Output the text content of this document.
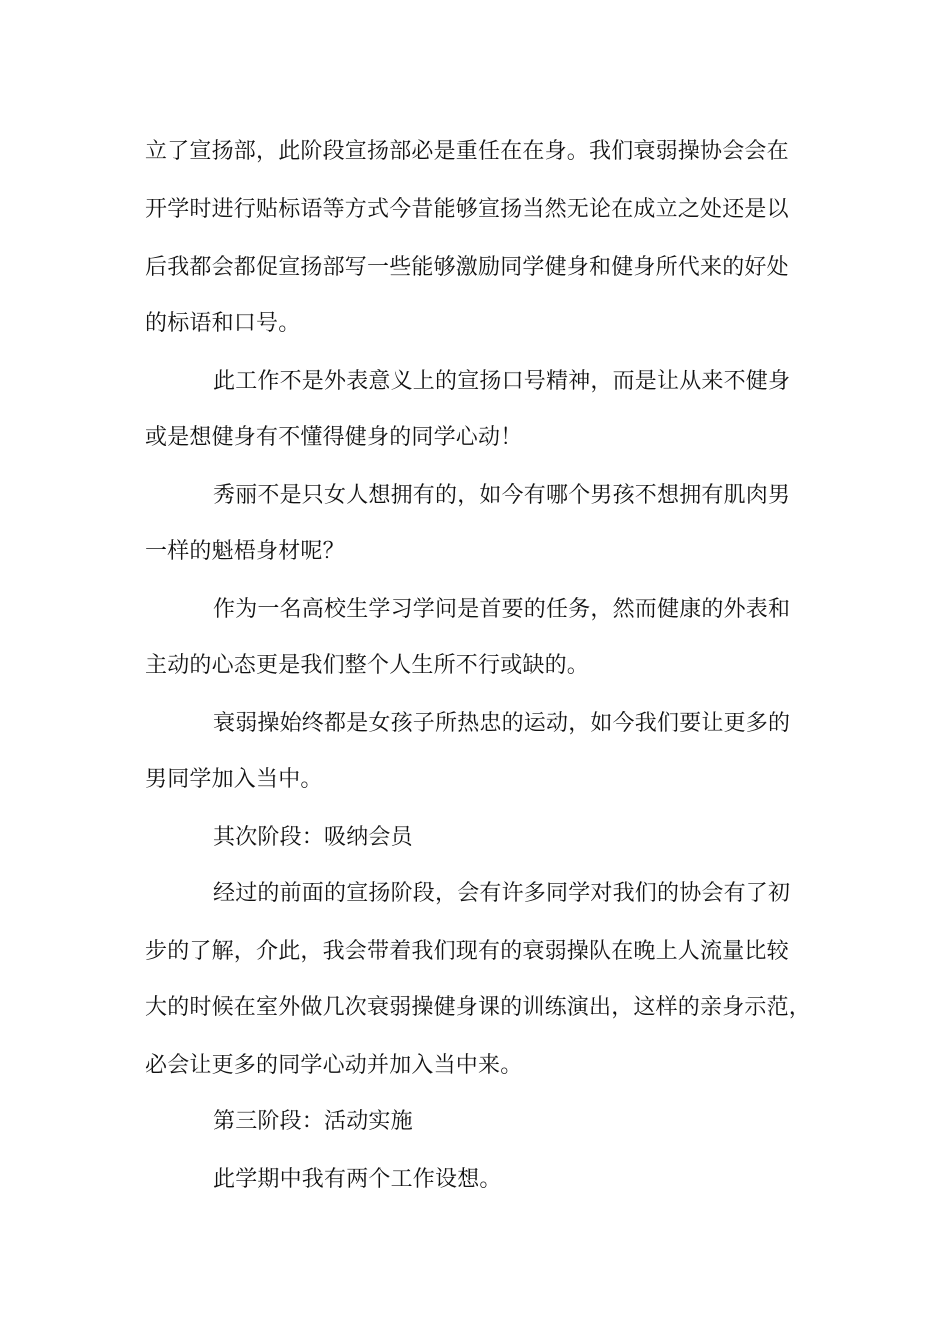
立了宣扬部，此阶段宣扬部必是重任在在身。我们衰弱操协会会在
开学时进行贴标语等方式今昔能够宣扬当然无论在成立之处还是以
后我都会都促宣扬部写一些能够激励同学健身和健身所代来的好处
的标语和口号。
此工作不是外表意义上的宣扬口号精神，而是让从来不健身
或是想健身有不懂得健身的同学心动！
秀丽不是只女人想拥有的，如今有哪个男孩不想拥有肌肉男
一样的魁梧身材呢？
作为一名高校生学习学问是首要的任务，然而健康的外表和
主动的心态更是我们整个人生所不行或缺的。
衰弱操始终都是女孩子所热忠的运动，如今我们要让更多的
男同学加入当中。
其次阶段：吸纳会员
经过的前面的宣扬阶段，会有许多同学对我们的协会有了初
步的了解，介此，我会带着我们现有的衰弱操队在晚上人流量比较
大的时候在室外做几次衰弱操健身课的训练演出，这样的亲身示范，
必会让更多的同学心动并加入当中来。
第三阶段：活动实施
此学期中我有两个工作设想。
